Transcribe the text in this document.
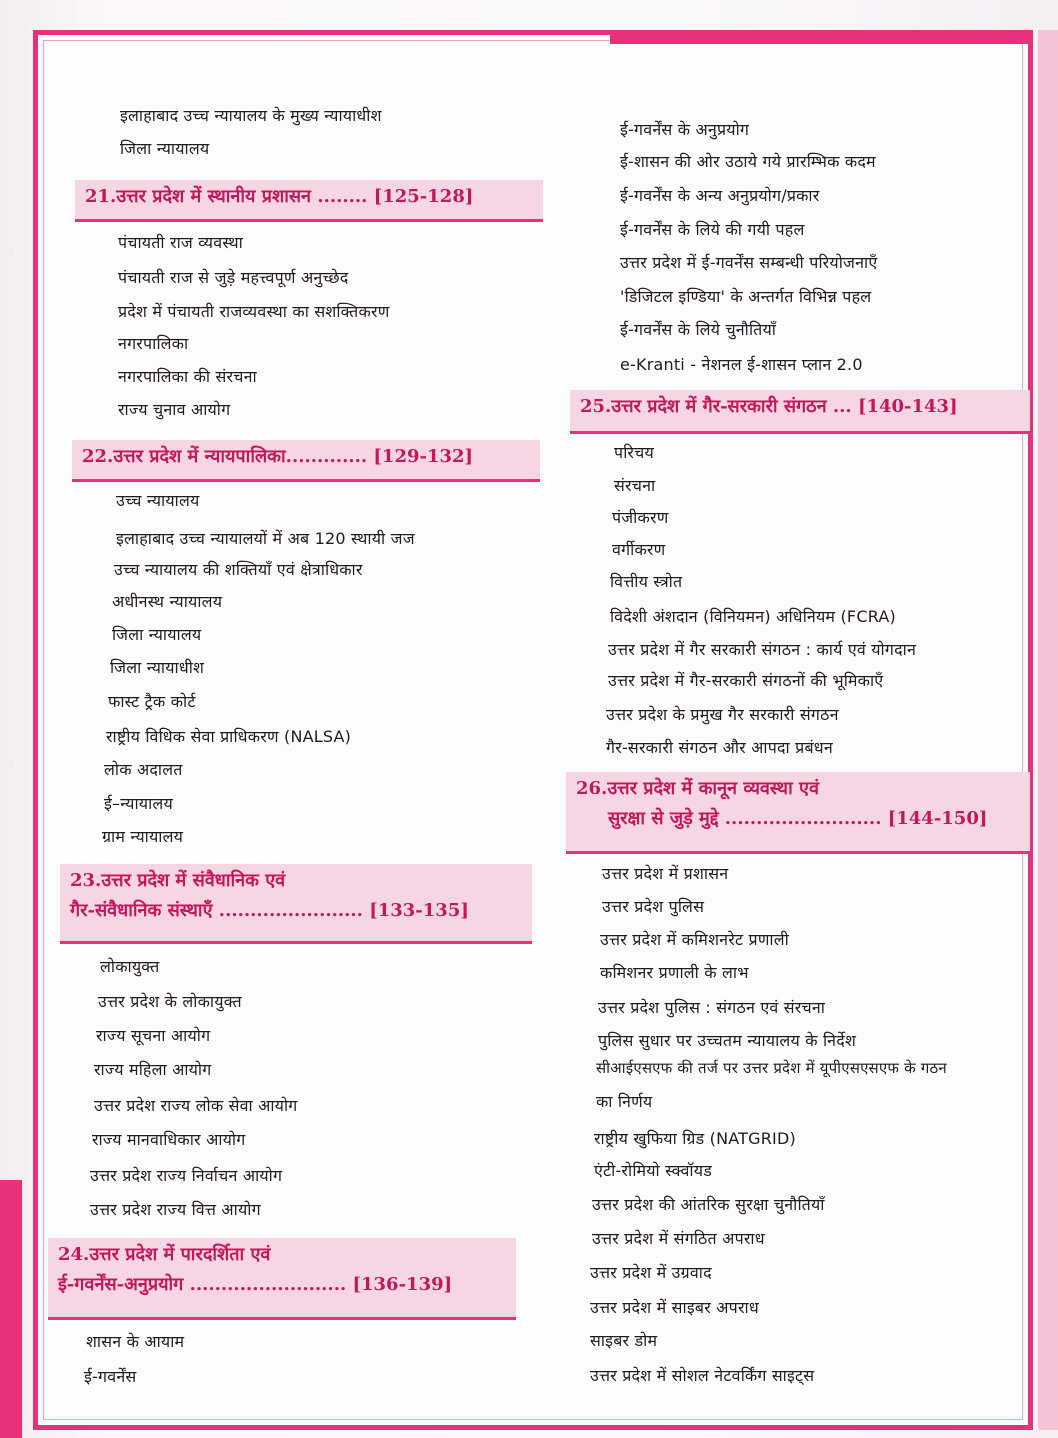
इलाहाबाद उच्च न्यायालय के मुख्य न्यायाधीश
जिला न्यायालय
21.उत्तर प्रदेश में स्थानीय प्रशासन ........ [125-128]
पंचायती राज व्यवस्था
पंचायती राज से जुड़े महत्त्वपूर्ण अनुच्छेद
प्रदेश में पंचायती राजव्यवस्था का सशक्तिकरण
नगरपालिका
नगरपालिका की संरचना
राज्य चुनाव आयोग
22.उत्तर प्रदेश में न्यायपालिका............. [129-132]
उच्च न्यायालय
इलाहाबाद उच्च न्यायालयों में अब 120 स्थायी जज
उच्च न्यायालय की शक्तियाँ एवं क्षेत्राधिकार
अधीनस्थ न्यायालय
जिला न्यायालय
जिला न्यायाधीश
फास्ट ट्रैक कोर्ट
राष्ट्रीय विधिक सेवा प्राधिकरण (NALSA)
लोक अदालत
ई–न्यायालय
ग्राम न्यायालय
23.उत्तर प्रदेश में संवैधानिक एवं
गैर-संवैधानिक संस्थाएँ ....................... [133-135]
लोकायुक्त
उत्तर प्रदेश के लोकायुक्त
राज्य सूचना आयोग
राज्य महिला आयोग
उत्तर प्रदेश राज्य लोक सेवा आयोग
राज्य मानवाधिकार आयोग
उत्तर प्रदेश राज्य निर्वाचन आयोग
उत्तर प्रदेश राज्य वित्त आयोग
24.उत्तर प्रदेश में पारदर्शिता एवं
ई-गवर्नेंस-अनुप्रयोग ......................... [136-139]
शासन के आयाम
ई-गवर्नेंस
ई-गवर्नेंस के अनुप्रयोग
ई-शासन की ओर उठाये गये प्रारम्भिक कदम
ई-गवर्नेंस के अन्य अनुप्रयोग/प्रकार
ई-गवर्नेंस के लिये की गयी पहल
उत्तर प्रदेश में ई-गवर्नेंस सम्बन्धी परियोजनाएँ
'डिजिटल इण्डिया' के अन्तर्गत विभिन्न पहल
ई-गवर्नेंस के लिये चुनौतियाँ
e-Kranti - नेशनल ई-शासन प्लान 2.0
25.उत्तर प्रदेश में गैर-सरकारी संगठन ... [140-143]
परिचय
संरचना
पंजीकरण
वर्गीकरण
वित्तीय स्त्रोत
विदेशी अंशदान (विनियमन) अधिनियम (FCRA)
उत्तर प्रदेश में गैर सरकारी संगठन : कार्य एवं योगदान
उत्तर प्रदेश में गैर-सरकारी संगठनों की भूमिकाएँ
उत्तर प्रदेश के प्रमुख गैर सरकारी संगठन
गैर-सरकारी संगठन और आपदा प्रबंधन
26.उत्तर प्रदेश में कानून व्यवस्था एवं
सुरक्षा से जुड़े मुद्दे ......................... [144-150]
उत्तर प्रदेश में प्रशासन
उत्तर प्रदेश पुलिस
उत्तर प्रदेश में कमिशनरेट प्रणाली
कमिशनर प्रणाली के लाभ
उत्तर प्रदेश पुलिस : संगठन एवं संरचना
पुलिस सुधार पर उच्चतम न्यायालय के निर्देश
सीआईएसएफ की तर्ज पर उत्तर प्रदेश में यूपीएसएसएफ के गठन
का निर्णय
राष्ट्रीय खुफिया ग्रिड (NATGRID)
एंटी-रोमियो स्क्वॉयड
उत्तर प्रदेश की आंतरिक सुरक्षा चुनौतियाँ
उत्तर प्रदेश में संगठित अपराध
उत्तर प्रदेश में उग्रवाद
उत्तर प्रदेश में साइबर अपराध
साइबर डोम
उत्तर प्रदेश में सोशल नेटवर्किंग साइट्स
